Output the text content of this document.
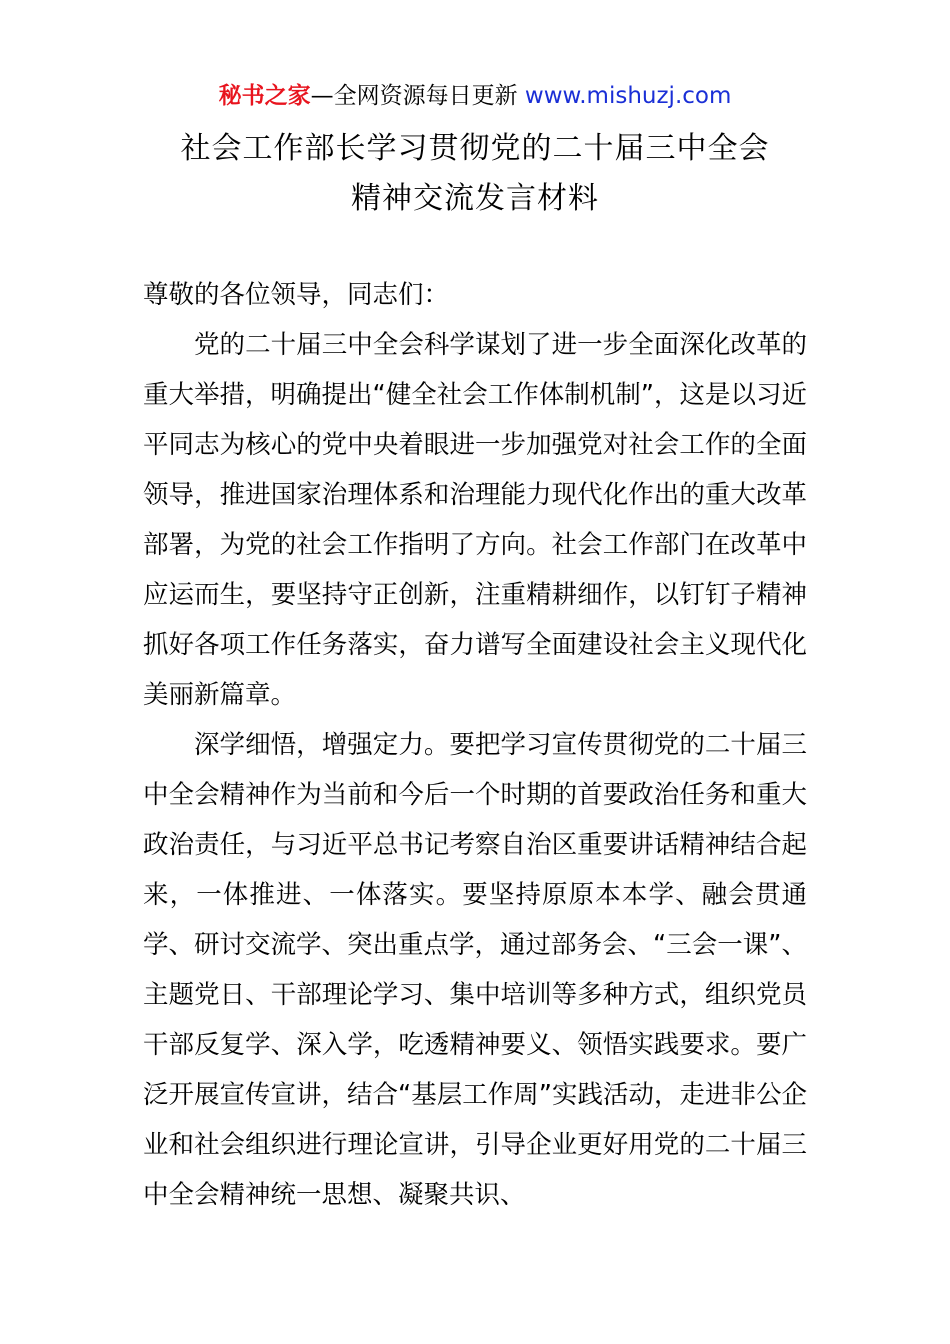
秘书之家—全网资源每日更新 www.mishuzj.com
社会工作部长学习贯彻党的二十届三中全会
精神交流发言材料

尊敬的各位领导，同志们：

党的二十届三中全会科学谋划了进一步全面深化改革的重大举措，明确提出“健全社会工作体制机制”，这是以习近平同志为核心的党中央着眼进一步加强党对社会工作的全面领导，推进国家治理体系和治理能力现代化作出的重大改革部署，为党的社会工作指明了方向。社会工作部门在改革中应运而生，要坚持守正创新，注重精耕细作，以钉钉子精神抓好各项工作任务落实，奋力谱写全面建设社会主义现代化美丽新篇章。

深学细悟，增强定力。要把学习宣传贯彻党的二十届三中全会精神作为当前和今后一个时期的首要政治任务和重大政治责任，与习近平总书记考察自治区重要讲话精神结合起来，一体推进、一体落实。要坚持原原本本学、融会贯通学、研讨交流学、突出重点学，通过部务会、“三会一课”、主题党日、干部理论学习、集中培训等多种方式，组织党员干部反复学、深入学，吃透精神要义、领悟实践要求。要广泛开展宣传宣讲，结合“基层工作周”实践活动，走进非公企业和社会组织进行理论宣讲，引导企业更好用党的二十届三中全会精神统一思想、凝聚共识、
